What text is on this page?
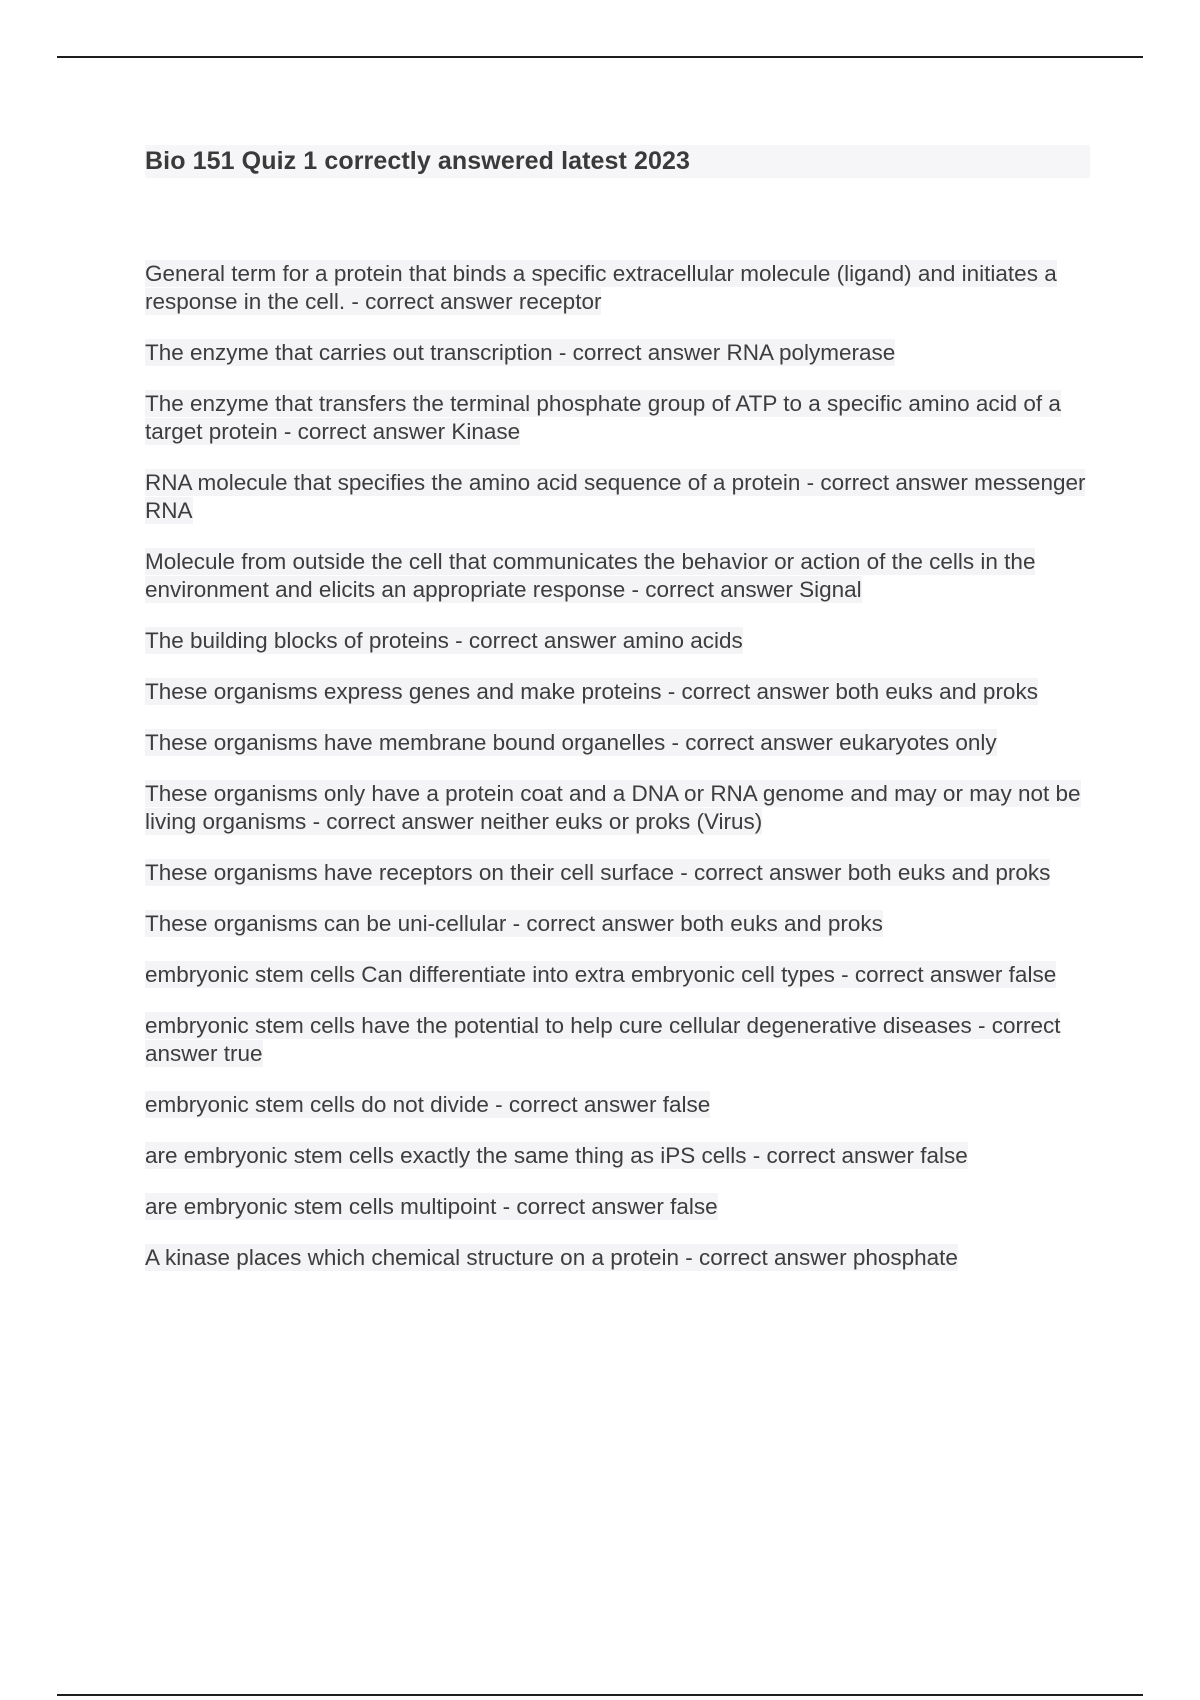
Bio 151 Quiz 1 correctly answered latest 2023
General term for a protein that binds a specific extracellular molecule (ligand) and initiates a response in the cell. - correct answer receptor
The enzyme that carries out transcription - correct answer RNA polymerase
The enzyme that transfers the terminal phosphate group of ATP to a specific amino acid of a target protein - correct answer Kinase
RNA molecule that specifies the amino acid sequence of a protein - correct answer messenger RNA
Molecule from outside the cell that communicates the behavior or action of the cells in the environment and elicits an appropriate response - correct answer Signal
The building blocks of proteins - correct answer amino acids
These organisms express genes and make proteins - correct answer both euks and proks
These organisms have membrane bound organelles - correct answer eukaryotes only
These organisms only have a protein coat and a DNA or RNA genome and may or may not be living organisms - correct answer neither euks or proks (Virus)
These organisms have receptors on their cell surface - correct answer both euks and proks
These organisms can be uni-cellular - correct answer both euks and proks
embryonic stem cells Can differentiate into extra embryonic cell types - correct answer false
embryonic stem cells have the potential to help cure cellular degenerative diseases - correct answer true
embryonic stem cells do not divide - correct answer false
are embryonic stem cells exactly the same thing as iPS cells - correct answer false
are embryonic stem cells multipoint - correct answer false
A kinase places which chemical structure on a protein - correct answer phosphate
